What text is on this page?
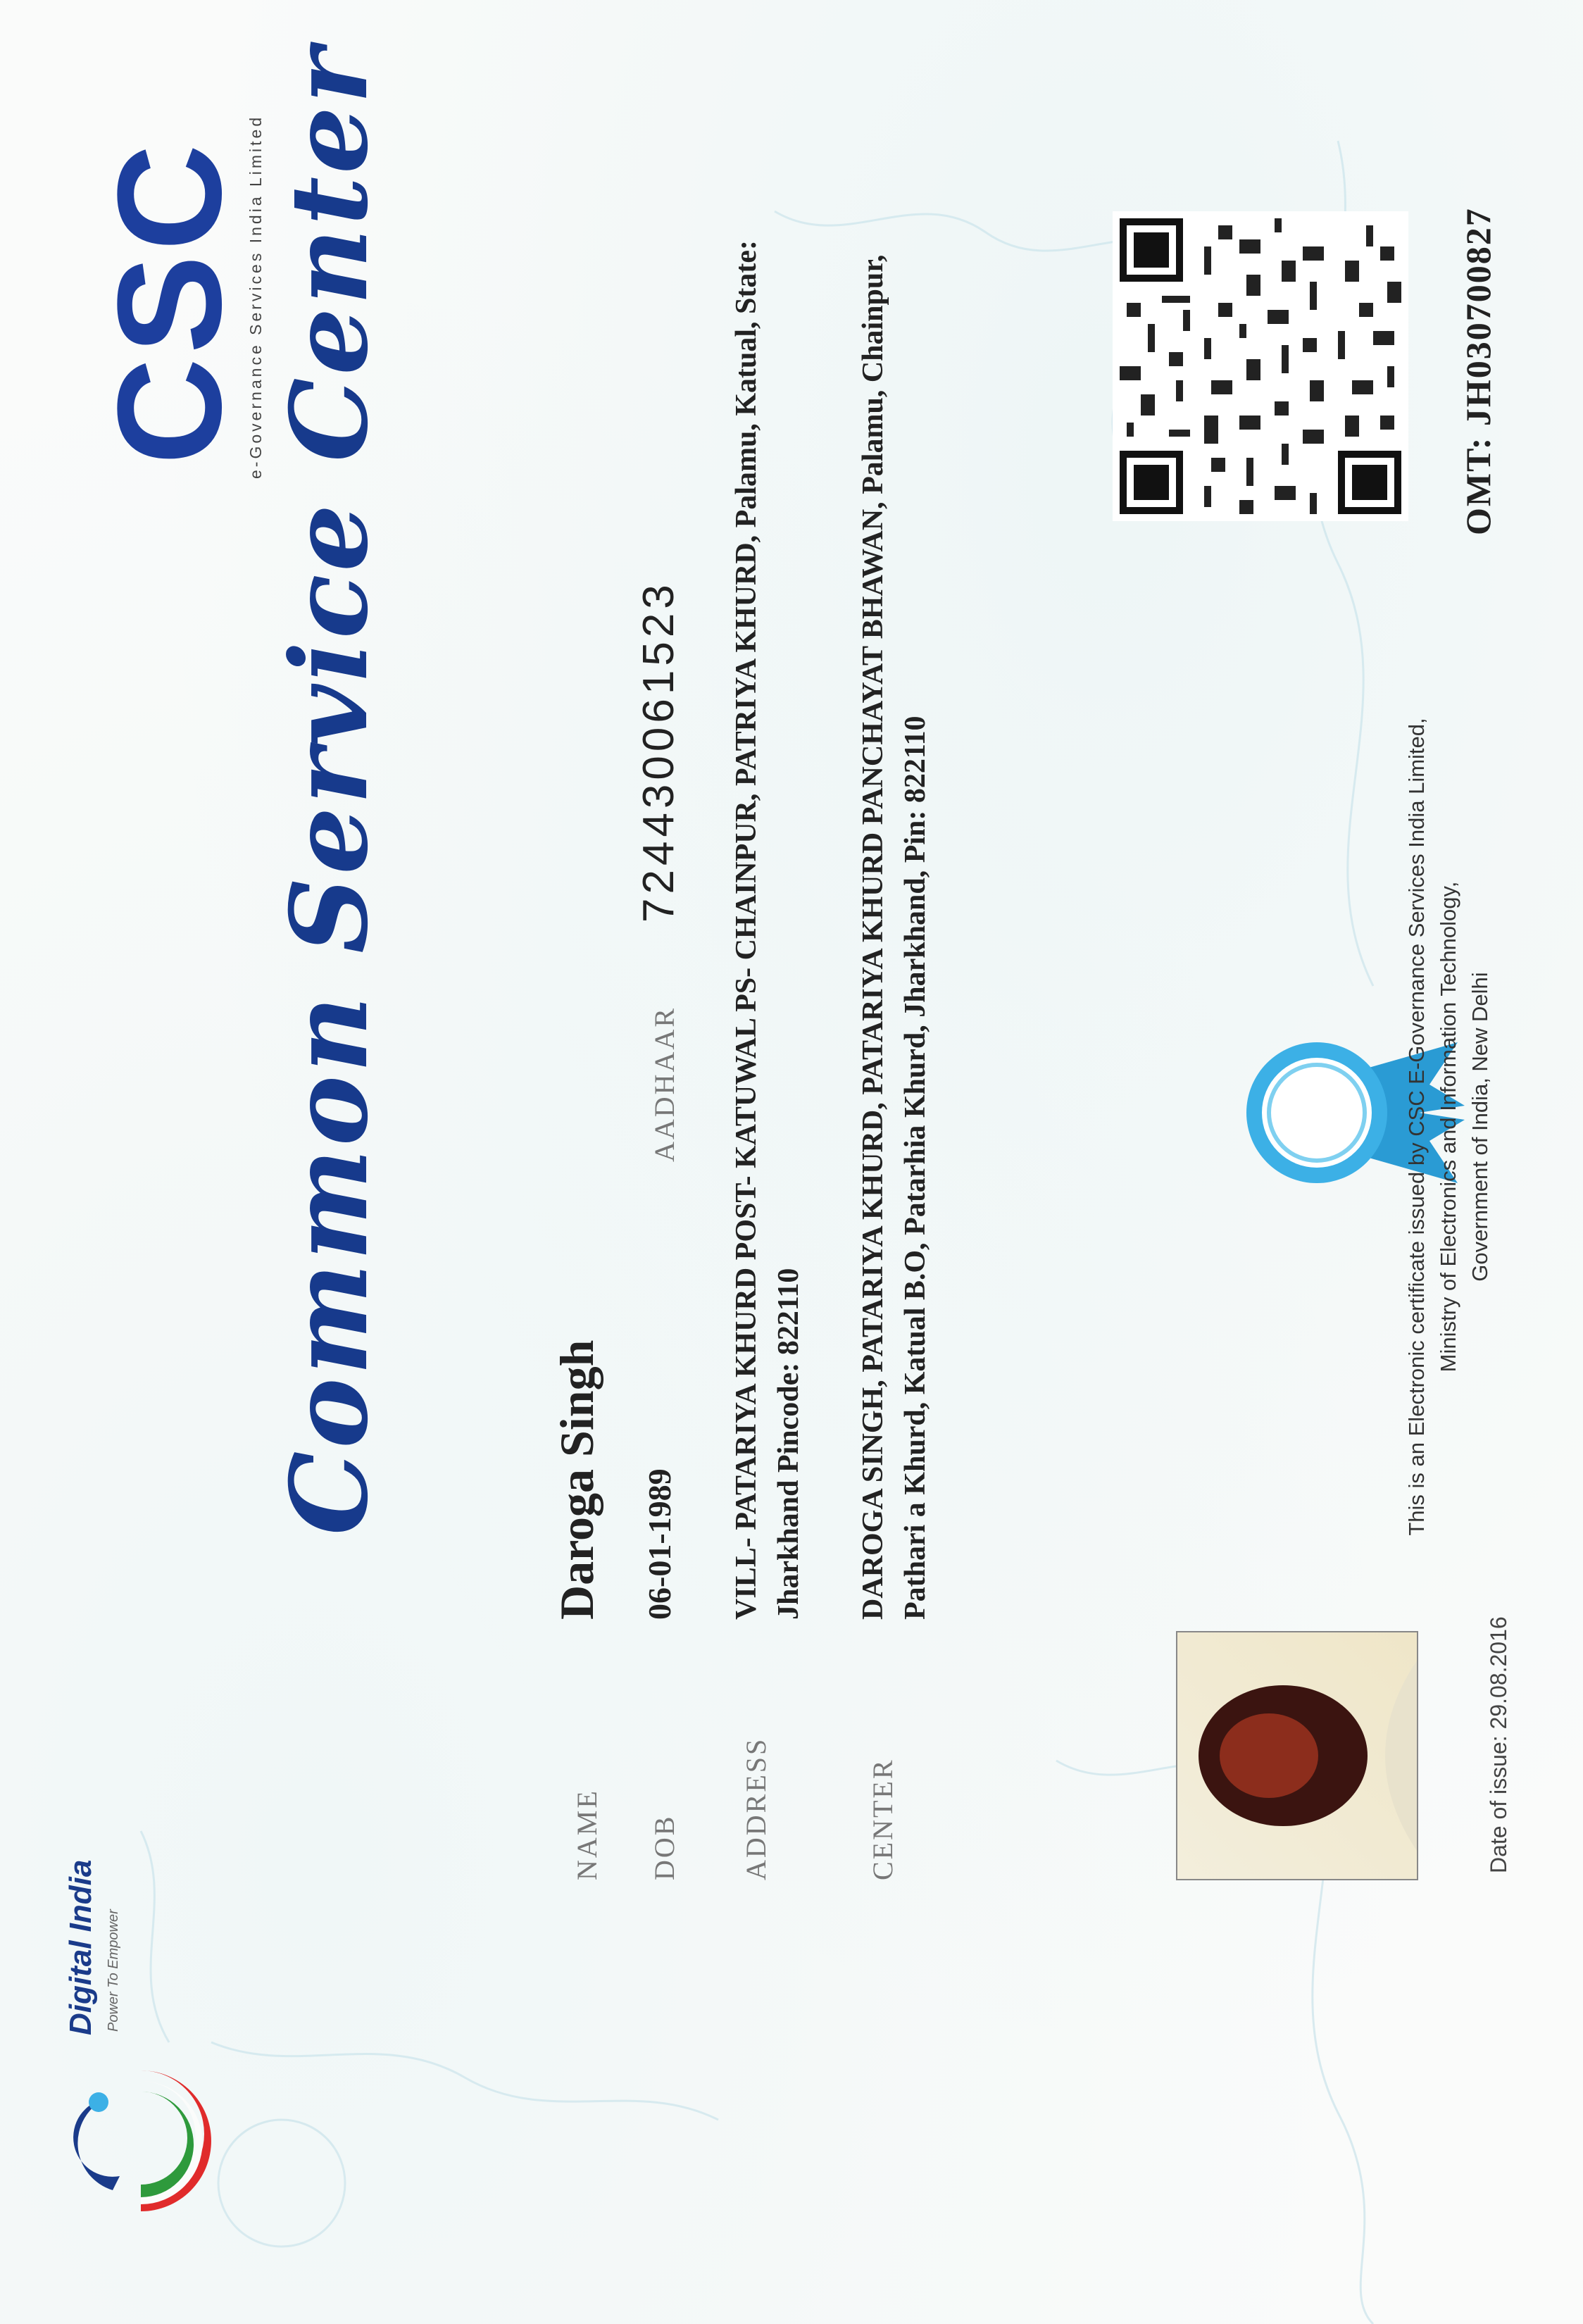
Digital India Power To Empower
Common Service Center
CSC
e-Governance Services India Limited
NAME
Daroga Singh
DOB
06-01-1989
AADHAAR
724430061523
ADDRESS
VILL- PATARIYA KHURD POST- KATUWAL PS- CHAINPUR, PATRIYA KHURD, Palamu, Katual, State: Jharkhand Pincode: 822110
CENTER
DAROGA SINGH, PATARIYA KHURD, PATARIYA KHURD PANCHAYAT BHAWAN, Palamu, Chainpur, Pathari a Khurd, Katual B.O, Patarhia Khurd, Jharkhand, Pin: 822110	This is an Electronic certificate issued by CSC E-Governance Services India Limited, Ministry of Electronics and Information Technology, Government of India, New Delhi
Date of issue: 29.08.2016
OMT: JH030700827
